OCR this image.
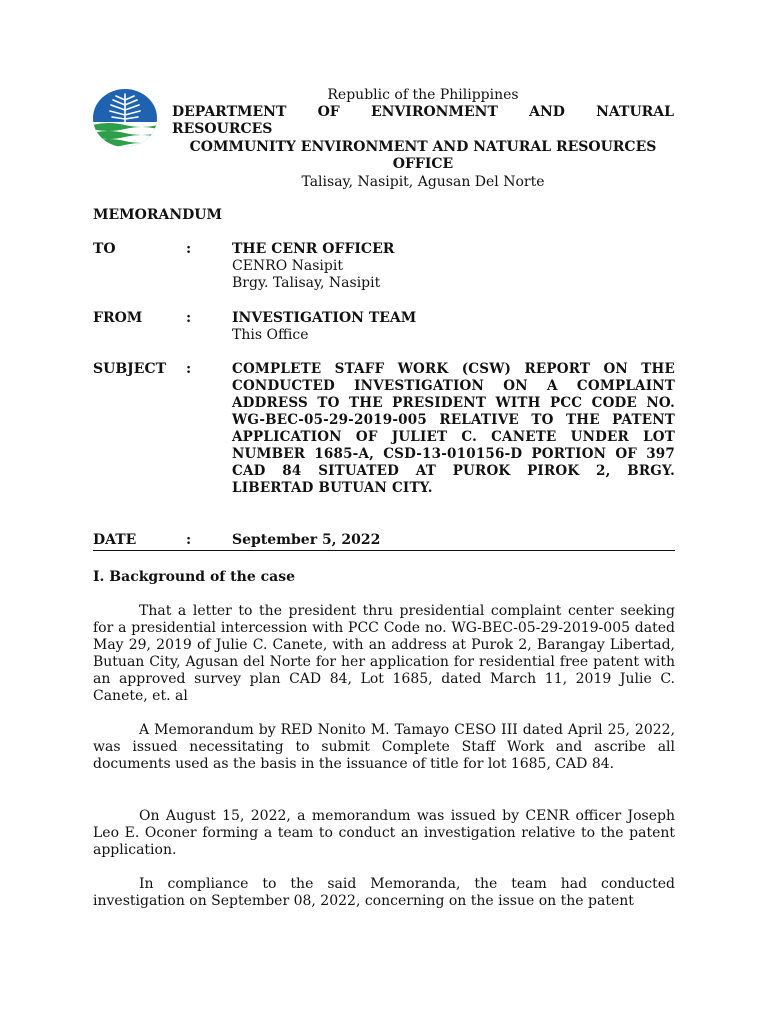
Republic of the Philippines
DEPARTMENT OF ENVIRONMENT AND NATURAL
RESOURCES
COMMUNITY ENVIRONMENT AND NATURAL RESOURCES
OFFICE
Talisay, Nasipit, Agusan Del Norte
MEMORANDUM
TO	:	THE CENR OFFICER
CENRO Nasipit
Brgy. Talisay, Nasipit
FROM	:	INVESTIGATION TEAM
This Office
SUBJECT :	COMPLETE STAFF WORK (CSW) REPORT ON THE CONDUCTED INVESTIGATION ON A COMPLAINT ADDRESS TO THE PRESIDENT WITH PCC CODE NO. WG-BEC-05-29-2019-005 RELATIVE TO THE PATENT APPLICATION OF JULIET C. CANETE UNDER LOT NUMBER 1685-A, CSD-13-010156-D PORTION OF 397 CAD 84 SITUATED AT PUROK PIROK 2, BRGY. LIBERTAD BUTUAN CITY.
DATE	:	September 5, 2022
I. Background of the case
That a letter to the president thru presidential complaint center seeking for a presidential intercession with PCC Code no. WG-BEC-05-29-2019-005 dated May 29, 2019 of Julie C. Canete, with an address at Purok 2, Barangay Libertad, Butuan City, Agusan del Norte for her application for residential free patent with an approved survey plan CAD 84, Lot 1685, dated March 11, 2019 Julie C. Canete, et. al
A Memorandum by RED Nonito M. Tamayo CESO III dated April 25, 2022, was issued necessitating to submit Complete Staff Work and ascribe all documents used as the basis in the issuance of title for lot 1685, CAD 84.
On August 15, 2022, a memorandum was issued by CENR officer Joseph Leo E. Oconer forming a team to conduct an investigation relative to the patent application.
In compliance to the said Memoranda, the team had conducted investigation on September 08, 2022, concerning on the issue on the patent
